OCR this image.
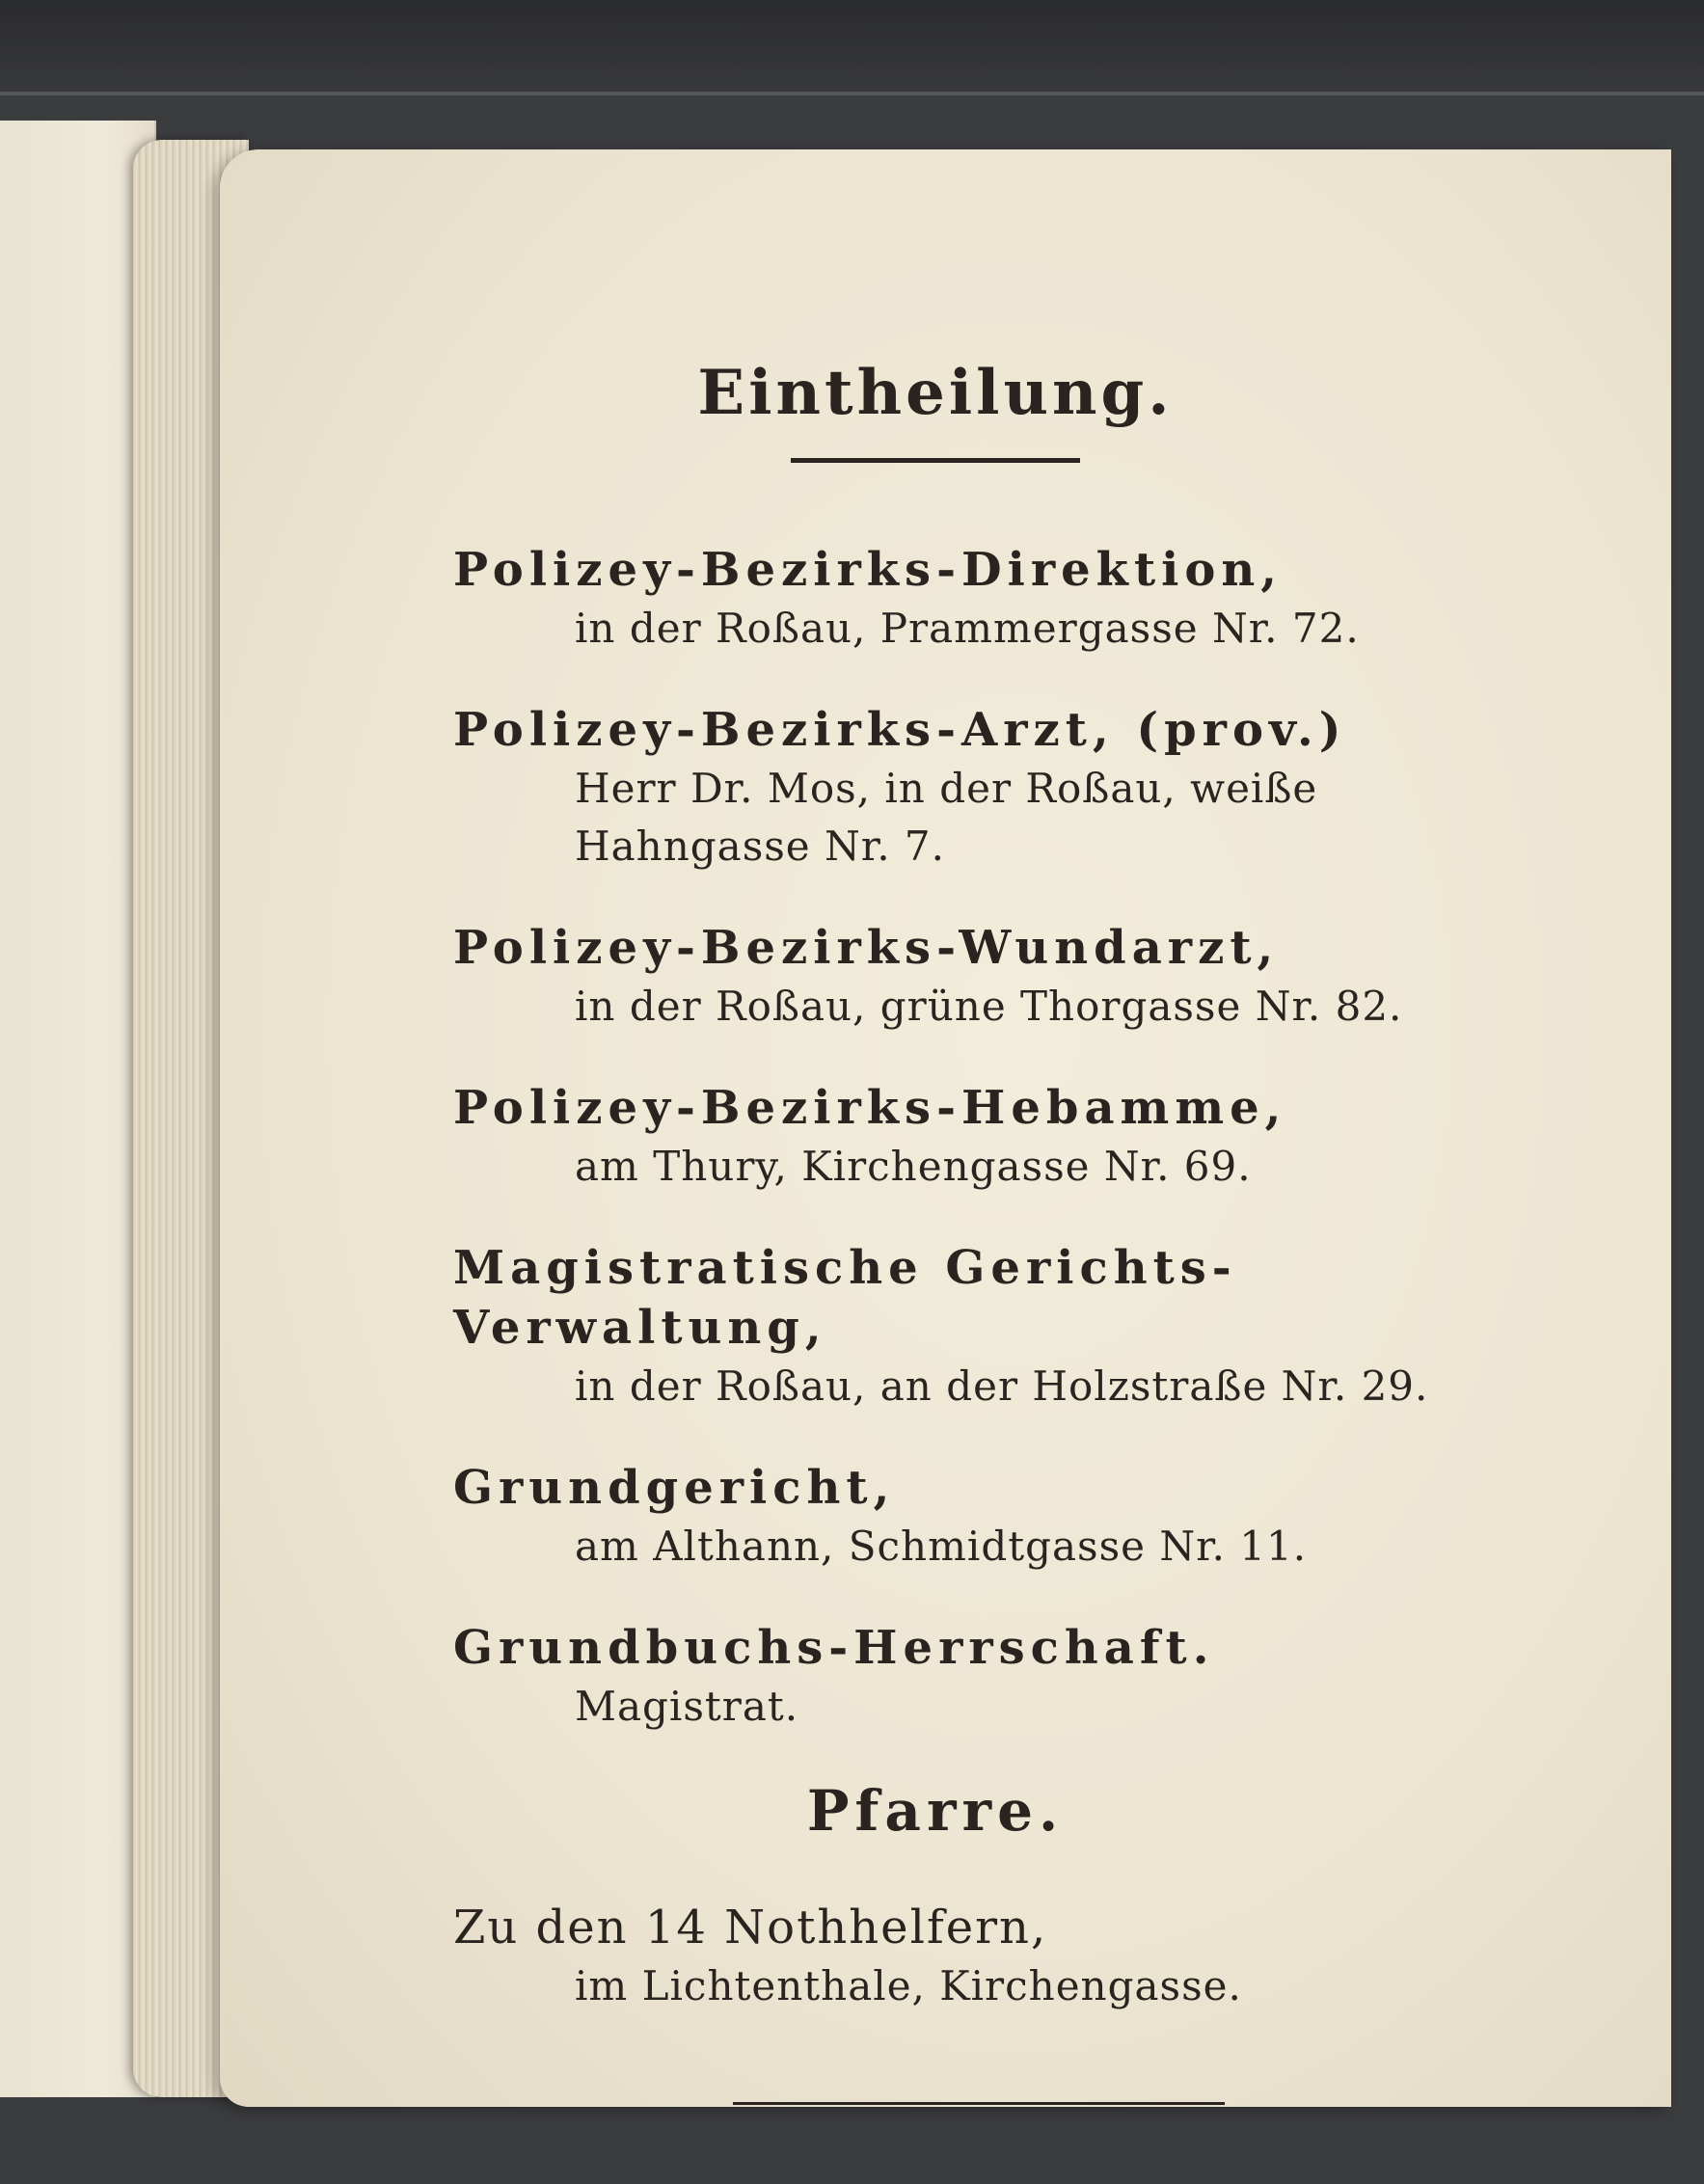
Eintheilung.
Polizey-Bezirks-Direktion,
in der Roßau, Prammergasse Nr. 72.
Polizey-Bezirks-Arzt, (prov.)
Herr Dr. Mos, in der Roßau, weiße
Hahngasse Nr. 7.
Polizey-Bezirks-Wundarzt,
in der Roßau, grüne Thorgasse Nr. 82.
Polizey-Bezirks-Hebamme,
am Thury, Kirchengasse Nr. 69.
Magistratische Gerichts-Verwaltung,
in der Roßau, an der Holzstraße Nr. 29.
Grundgericht,
am Althann, Schmidtgasse Nr. 11.
Grundbuchs-Herrschaft.
Magistrat.
Pfarre.
Zu den 14 Nothhelfern,
im Lichtenthale, Kirchengasse.
